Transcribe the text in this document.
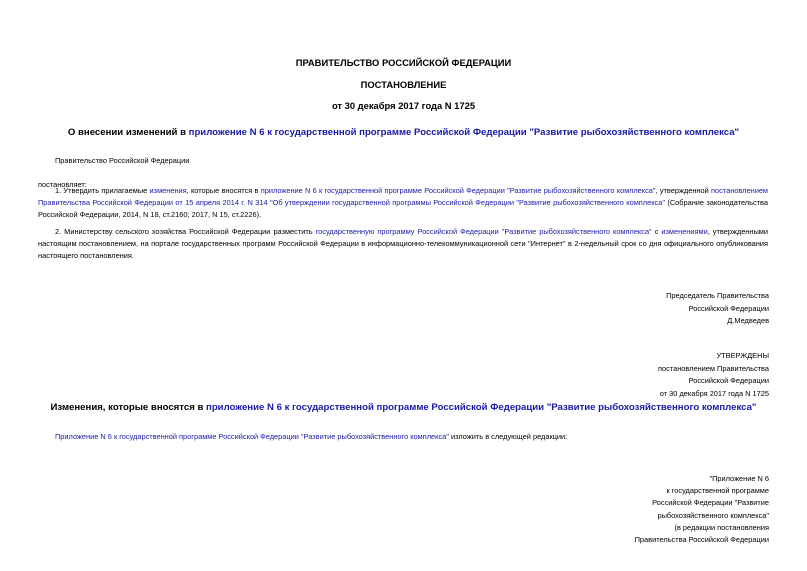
ПРАВИТЕЛЬСТВО РОССИЙСКОЙ ФЕДЕРАЦИИ
ПОСТАНОВЛЕНИЕ
от 30 декабря 2017 года N 1725
О внесении изменений в приложение N 6 к государственной программе Российской Федерации "Развитие рыбохозяйственного комплекса"
Правительство Российской Федерации
постановляет:
1. Утвердить прилагаемые изменения, которые вносятся в приложение N 6 к государственной программе Российской Федерации "Развитие рыбохозяйственного комплекса", утвержденной постановлением Правительства Российской Федерации от 15 апреля 2014 г. N 314 "Об утверждении государственной программы Российской Федерации "Развитие рыбохозяйственного комплекса" (Собрание законодательства Российской Федерации, 2014, N 18, ст.2160; 2017, N 15, ст.2226).
2. Министерству сельского хозяйства Российской Федерации разместить государственную программу Российской Федерации "Развитие рыбохозяйственного комплекса" с изменениями, утвержденными настоящим постановлением, на портале государственных программ Российской Федерации в информационно-телекоммуникационной сети "Интернет" в 2-недельный срок со дня официального опубликования настоящего постановления.
Председатель Правительства
Российской Федерации
Д.Медведев
УТВЕРЖДЕНЫ
постановлением Правительства
Российской Федерации
от 30 декабря 2017 года N 1725
Изменения, которые вносятся в приложение N 6 к государственной программе Российской Федерации "Развитие рыбохозяйственного комплекса"
Приложение N 6 к государственной программе Российской Федерации "Развитие рыбохозяйственного комплекса" изложить в следующей редакции:
"Приложение N 6
к государственной программе
Российской Федерации "Развитие
рыбохозяйственного комплекса"
(в редакции постановления
Правительства Российской Федерации
